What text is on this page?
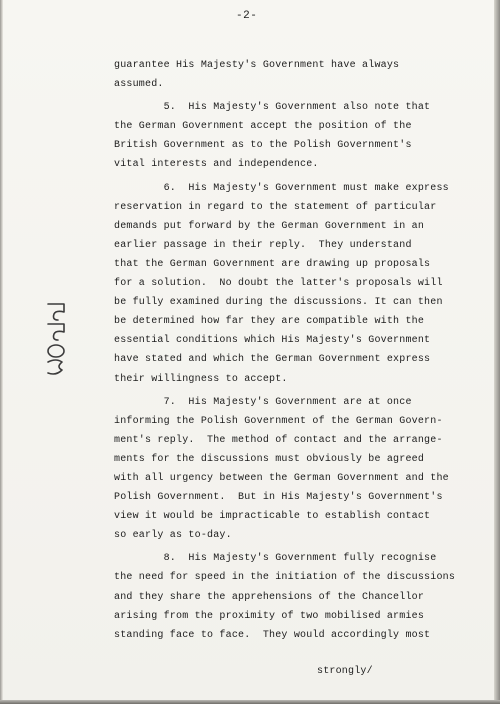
-2-
guarantee His Majesty's Government have always
assumed.
5.  His Majesty's Government also note that
the German Government accept the position of the
British Government as to the Polish Government's
vital interests and independence.
6.  His Majesty's Government must make express
reservation in regard to the statement of particular
demands put forward by the German Government in an
earlier passage in their reply.  They understand
that the German Government are drawing up proposals
for a solution.  No doubt the latter's proposals will
be fully examined during the discussions. It can then
be determined how far they are compatible with the
essential conditions which His Majesty's Government
have stated and which the German Government express
their willingness to accept.
7.  His Majesty's Government are at once
informing the Polish Government of the German Govern-
ment's reply.  The method of contact and the arrange-
ments for the discussions must obviously be agreed
with all urgency between the German Government and the
Polish Government.  But in His Majesty's Government's
view it would be impracticable to establish contact
so early as to-day.
8.  His Majesty's Government fully recognise
the need for speed in the initiation of the discussions
and they share the apprehensions of the Chancellor
arising from the proximity of two mobilised armies
standing face to face.  They would accordingly most
strongly/
